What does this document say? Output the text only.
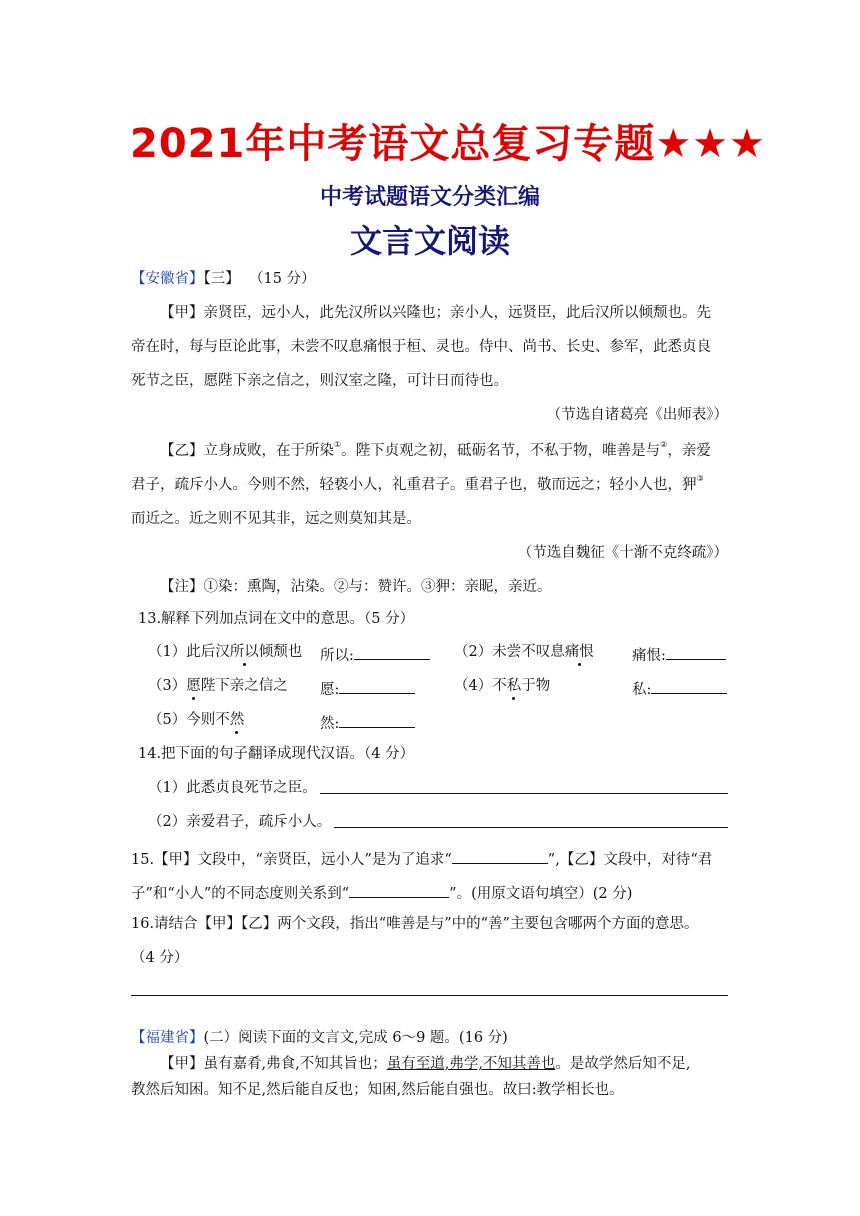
2021年中考语文总复习专题★★★
中考试题语文分类汇编
文言文阅读
【安徽省】【三】 （15 分）
【甲】亲贤臣，远小人，此先汉所以兴隆也；亲小人，远贤臣，此后汉所以倾颓也。先
帝在时，每与臣论此事，未尝不叹息痛恨于桓、灵也。侍中、尚书、长史、参军，此悉贞良
死节之臣，愿陛下亲之信之，则汉室之隆，可计日而待也。
（节选自诸葛亮《出师表》）
【乙】立身成败，在于所染①。陛下贞观之初，砥砺名节，不私于物，唯善是与②，亲爱
君子，疏斥小人。今则不然，轻亵小人，礼重君子。重君子也，敬而远之；轻小人也，狎③
而近之。近之则不见其非，远之则莫知其是。
（节选自魏征《十渐不克终疏》）
【注】①染：熏陶，沾染。②与：赞许。③狎：亲昵，亲近。
13.解释下列加点词在文中的意思。（5 分）
（1）此后汉所以倾颓也 所以:	（2）未尝不叹息痛恨	痛恨:
（3）愿陛下亲之信之 愿:	（4）不私于物	私:
（5）今则不然	然:
14.把下面的句子翻译成现代汉语。（4 分）
（1）此悉贞良死节之臣。
（2）亲爱君子，疏斥小人。
15.【甲】文段中，“亲贤臣，远小人”是为了追求“	”,【乙】文段中，对待“君
子”和“小人”的不同态度则关系到“	”。(用原文语句填空）(2 分)
16.请结合【甲】【乙】两个文段，指出“唯善是与”中的“善”主要包含哪两个方面的意思。
（4 分）
【福建省】(二）阅读下面的文言文,完成 6～9 题。(16 分)
【甲】虽有嘉肴,弗食,不知其旨也；虽有至道,弗学,不知其善也。是故学然后知不足,
教然后知困。知不足,然后能自反也；知困,然后能自强也。故曰:教学相长也。
